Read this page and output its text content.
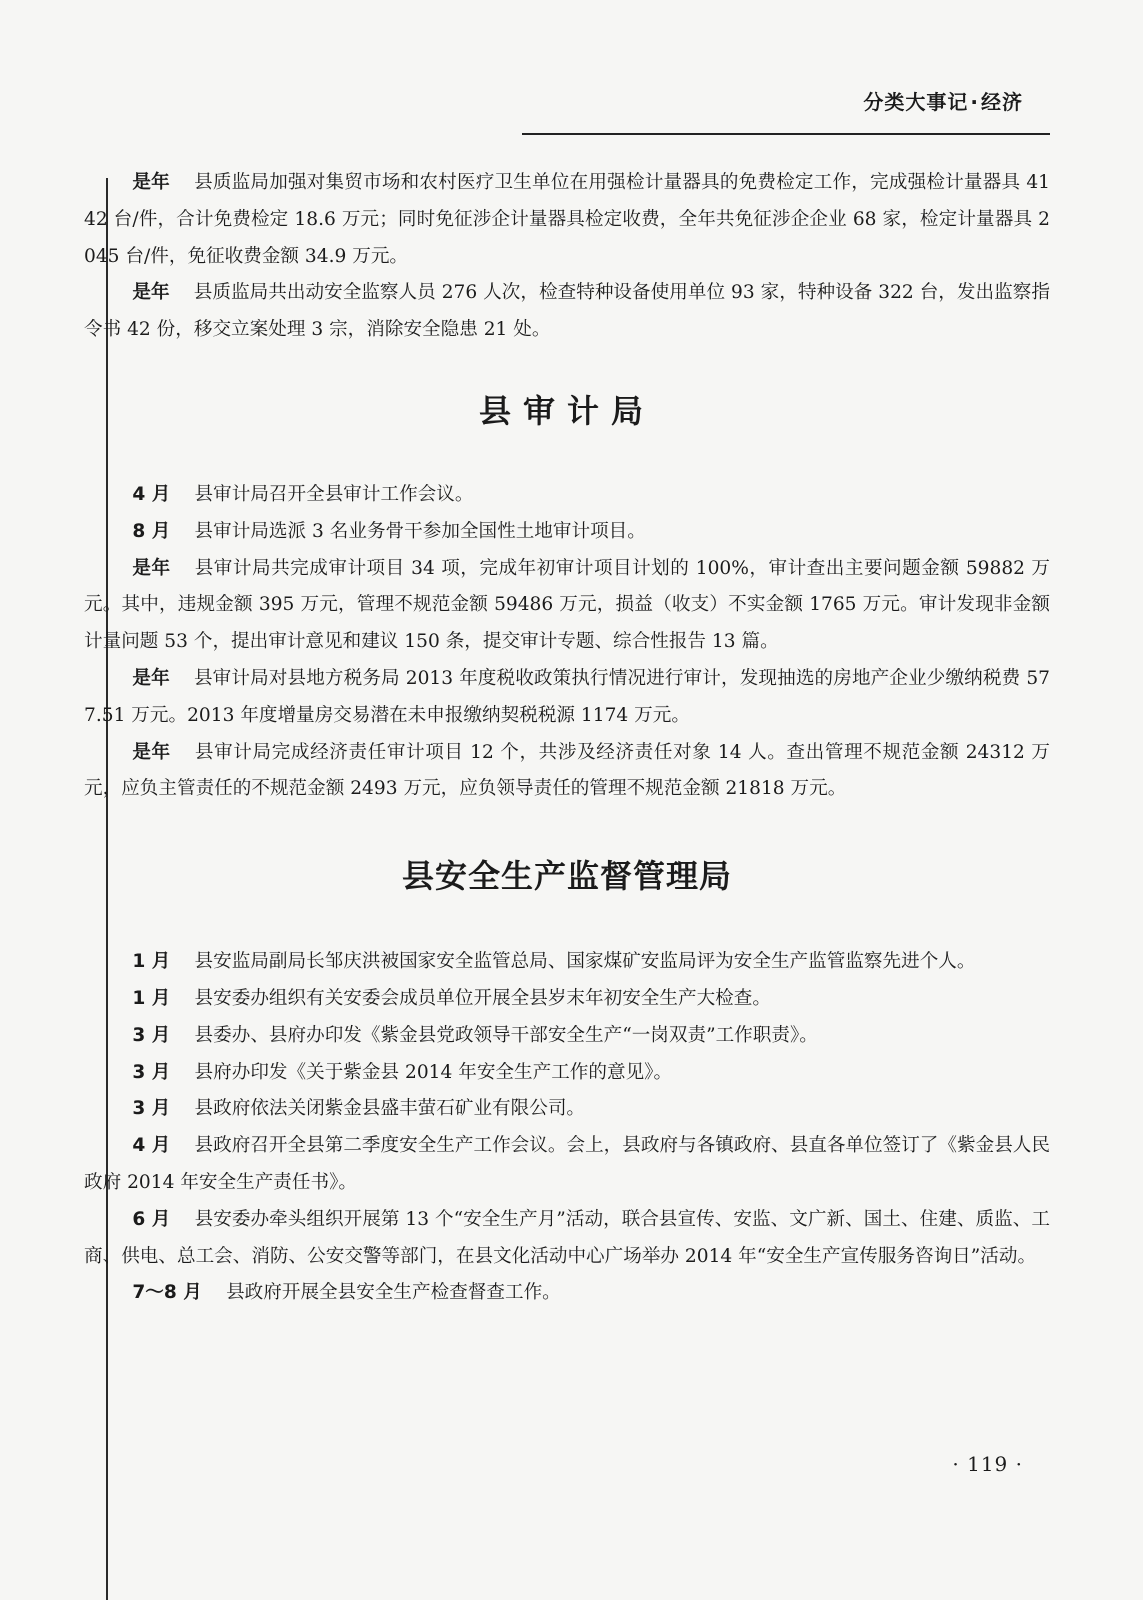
分类大事记 · 经济

是年 县质监局加强对集贸市场和农村医疗卫生单位在用强检计量器具的免费检定工作，完成强检计量器具 4142 台/件，合计免费检定 18.6 万元；同时免征涉企计量器具检定收费，全年共免征涉企企业 68 家，检定计量器具 2045 台/件，免征收费金额 34.9 万元。

是年 县质监局共出动安全监察人员 276 人次，检查特种设备使用单位 93 家，特种设备 322 台，发出监察指令书 42 份，移交立案处理 3 宗，消除安全隐患 21 处。

县审计局

4 月 县审计局召开全县审计工作会议。

8 月 县审计局选派 3 名业务骨干参加全国性土地审计项目。

是年 县审计局共完成审计项目 34 项，完成年初审计项目计划的 100%，审计查出主要问题金额 59882 万元。其中，违规金额 395 万元，管理不规范金额 59486 万元，损益（收支）不实金额 1765 万元。审计发现非金额计量问题 53 个，提出审计意见和建议 150 条，提交审计专题、综合性报告 13 篇。

是年 县审计局对县地方税务局 2013 年度税收政策执行情况进行审计，发现抽选的房地产企业少缴纳税费 577.51 万元。2013 年度增量房交易潜在未申报缴纳契税税源 1174 万元。

是年 县审计局完成经济责任审计项目 12 个，共涉及经济责任对象 14 人。查出管理不规范金额 24312 万元，应负主管责任的不规范金额 2493 万元，应负领导责任的管理不规范金额 21818 万元。

县安全生产监督管理局

1 月 县安监局副局长邹庆洪被国家安全监管总局、国家煤矿安监局评为安全生产监管监察先进个人。

1 月 县安委办组织有关安委会成员单位开展全县岁末年初安全生产大检查。

3 月 县委办、县府办印发《紫金县党政领导干部安全生产“一岗双责”工作职责》。

3 月 县府办印发《关于紫金县 2014 年安全生产工作的意见》。

3 月 县政府依法关闭紫金县盛丰萤石矿业有限公司。

4 月 县政府召开全县第二季度安全生产工作会议。会上，县政府与各镇政府、县直各单位签订了《紫金县人民政府 2014 年安全生产责任书》。

6 月 县安委办牵头组织开展第 13 个“安全生产月”活动，联合县宣传、安监、文广新、国土、住建、质监、工商、供电、总工会、消防、公安交警等部门，在县文化活动中心广场举办 2014 年“安全生产宣传服务咨询日”活动。

7～8 月 县政府开展全县安全生产检查督查工作。

· 119 ·
